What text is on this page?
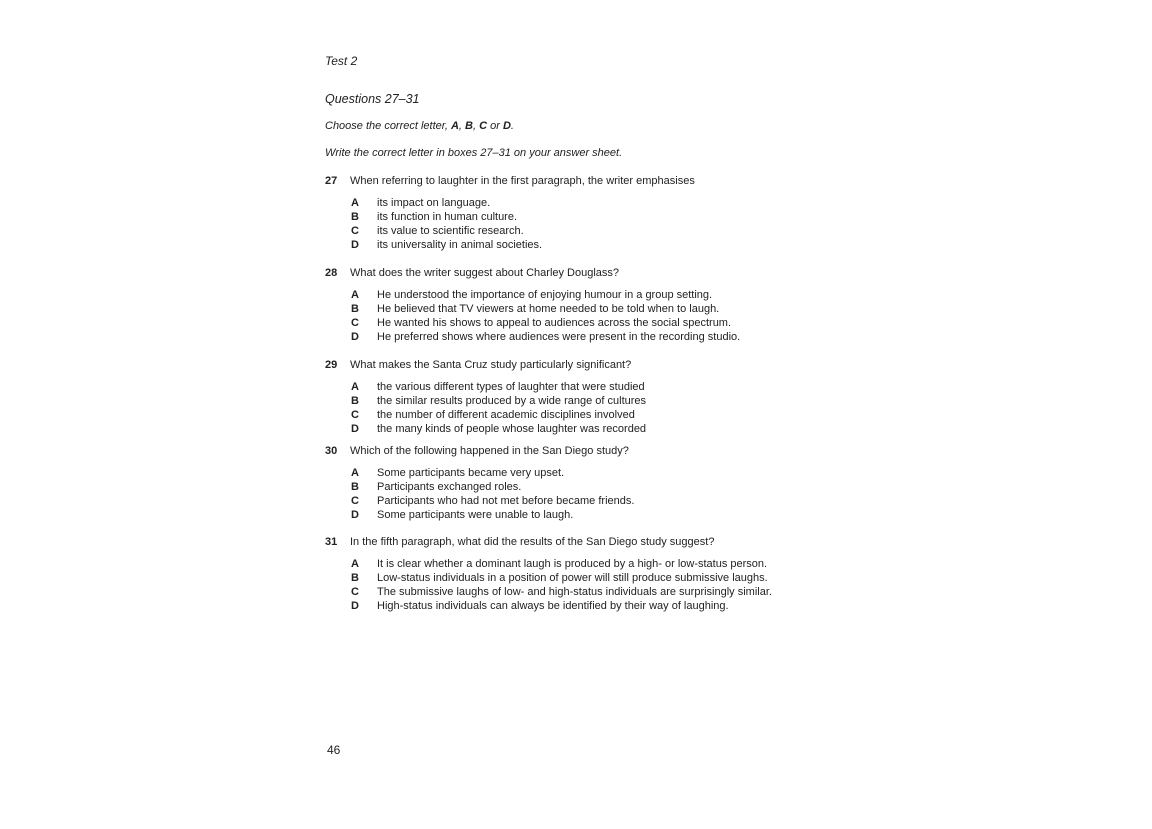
Test 2
Questions 27–31
Choose the correct letter, A, B, C or D.
Write the correct letter in boxes 27–31 on your answer sheet.
27 When referring to laughter in the first paragraph, the writer emphasises
A its impact on language.
B its function in human culture.
C its value to scientific research.
D its universality in animal societies.
28 What does the writer suggest about Charley Douglass?
A He understood the importance of enjoying humour in a group setting.
B He believed that TV viewers at home needed to be told when to laugh.
C He wanted his shows to appeal to audiences across the social spectrum.
D He preferred shows where audiences were present in the recording studio.
29 What makes the Santa Cruz study particularly significant?
A the various different types of laughter that were studied
B the similar results produced by a wide range of cultures
C the number of different academic disciplines involved
D the many kinds of people whose laughter was recorded
30 Which of the following happened in the San Diego study?
A Some participants became very upset.
B Participants exchanged roles.
C Participants who had not met before became friends.
D Some participants were unable to laugh.
31 In the fifth paragraph, what did the results of the San Diego study suggest?
A It is clear whether a dominant laugh is produced by a high- or low-status person.
B Low-status individuals in a position of power will still produce submissive laughs.
C The submissive laughs of low- and high-status individuals are surprisingly similar.
D High-status individuals can always be identified by their way of laughing.
46
